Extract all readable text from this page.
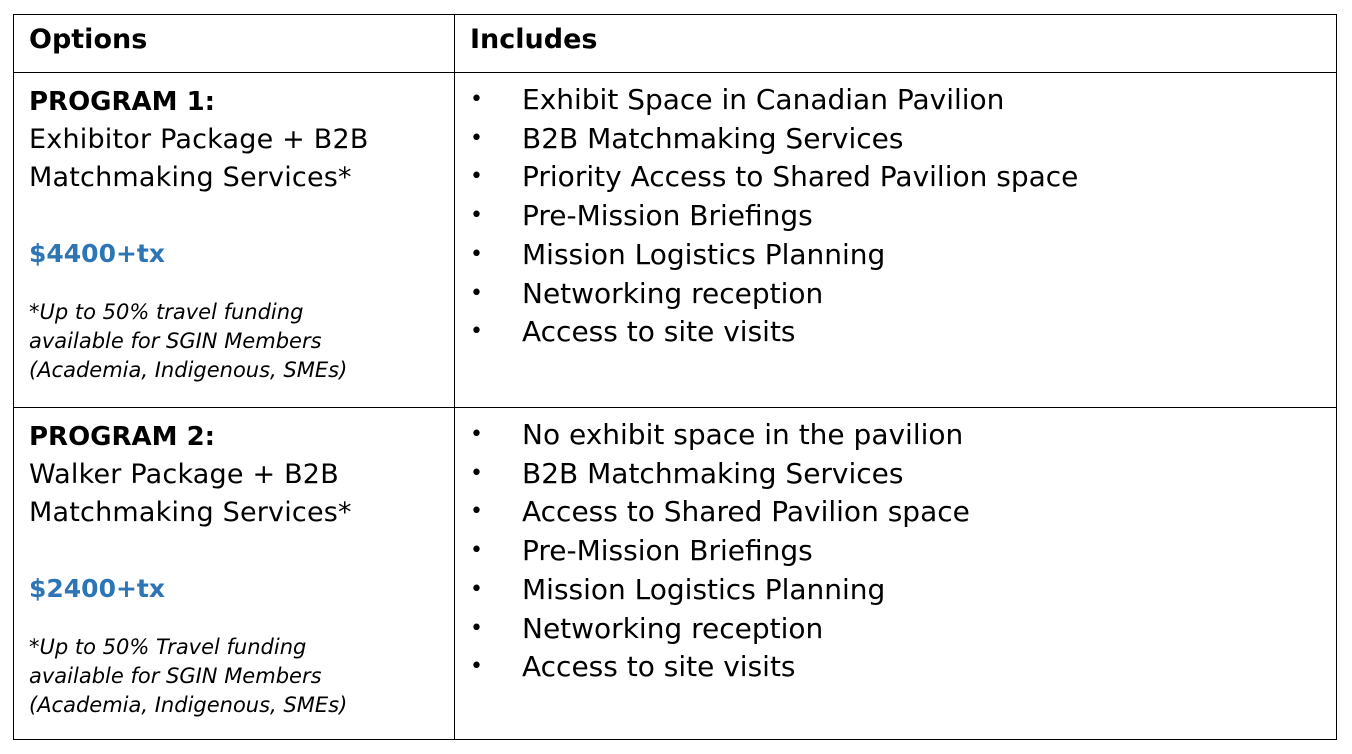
Options	Includes
PROGRAM 1:
Exhibitor Package + B2B
Matchmaking Services*
$4400+tx
*Up to 50% travel funding
available for SGIN Members
(Academia, Indigenous, SMEs)
• Exhibit Space in Canadian Pavilion
• B2B Matchmaking Services
• Priority Access to Shared Pavilion space
• Pre-Mission Briefings
• Mission Logistics Planning
• Networking reception
• Access to site visits
PROGRAM 2:
Walker Package + B2B
Matchmaking Services*
$2400+tx
*Up to 50% Travel funding
available for SGIN Members
(Academia, Indigenous, SMEs)
• No exhibit space in the pavilion
• B2B Matchmaking Services
• Access to Shared Pavilion space
• Pre-Mission Briefings
• Mission Logistics Planning
• Networking reception
• Access to site visits
